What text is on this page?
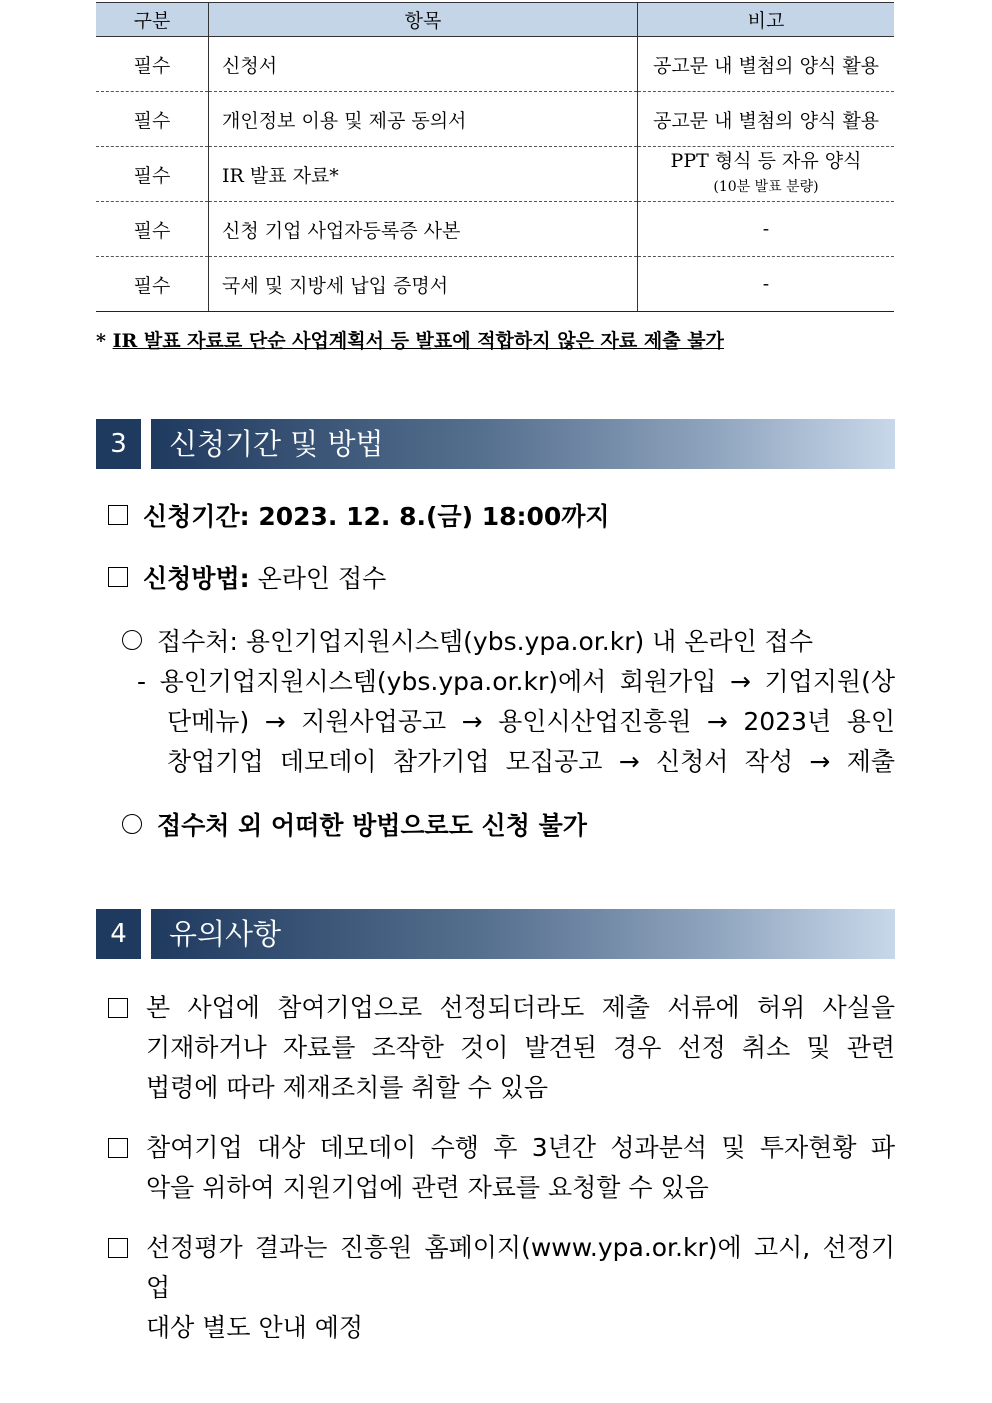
구분	항목	비고
필수	신청서	공고문 내 별첨의 양식 활용
필수	개인정보 이용 및 제공 동의서	공고문 내 별첨의 양식 활용
필수	IR 발표 자료*	PPT 형식 등 자유 양식
(10분 발표 분량)

필수	신청 기업 사업자등록증 사본	-
필수	국세 및 지방세 납입 증명서	-
* IR 발표 자료로 단순 사업계획서 등 발표에 적합하지 않은 자료 제출 불가
3	신청기간 및 방법
신청기간: 2023. 12. 8.(금) 18:00까지
신청방법: 온라인 접수
접수처: 용인기업지원시스템(ybs.ypa.or.kr) 내 온라인 접수
- 용인기업지원시스템(ybs.ypa.or.kr)에서 회원가입 → 기업지원(상
단메뉴) → 지원사업공고 → 용인시산업진흥원 → 2023년 용인
창업기업 데모데이 참가기업 모집공고 → 신청서 작성 → 제출
접수처 외 어떠한 방법으로도 신청 불가
4	유의사항
본 사업에 참여기업으로 선정되더라도 제출 서류에 허위 사실을
기재하거나 자료를 조작한 것이 발견된 경우 선정 취소 및 관련
법령에 따라 제재조치를 취할 수 있음
참여기업 대상 데모데이 수행 후 3년간 성과분석 및 투자현황 파
악을 위하여 지원기업에 관련 자료를 요청할 수 있음
선정평가 결과는 진흥원 홈페이지(www.ypa.or.kr)에 고시, 선정기업
대상 별도 안내 예정
